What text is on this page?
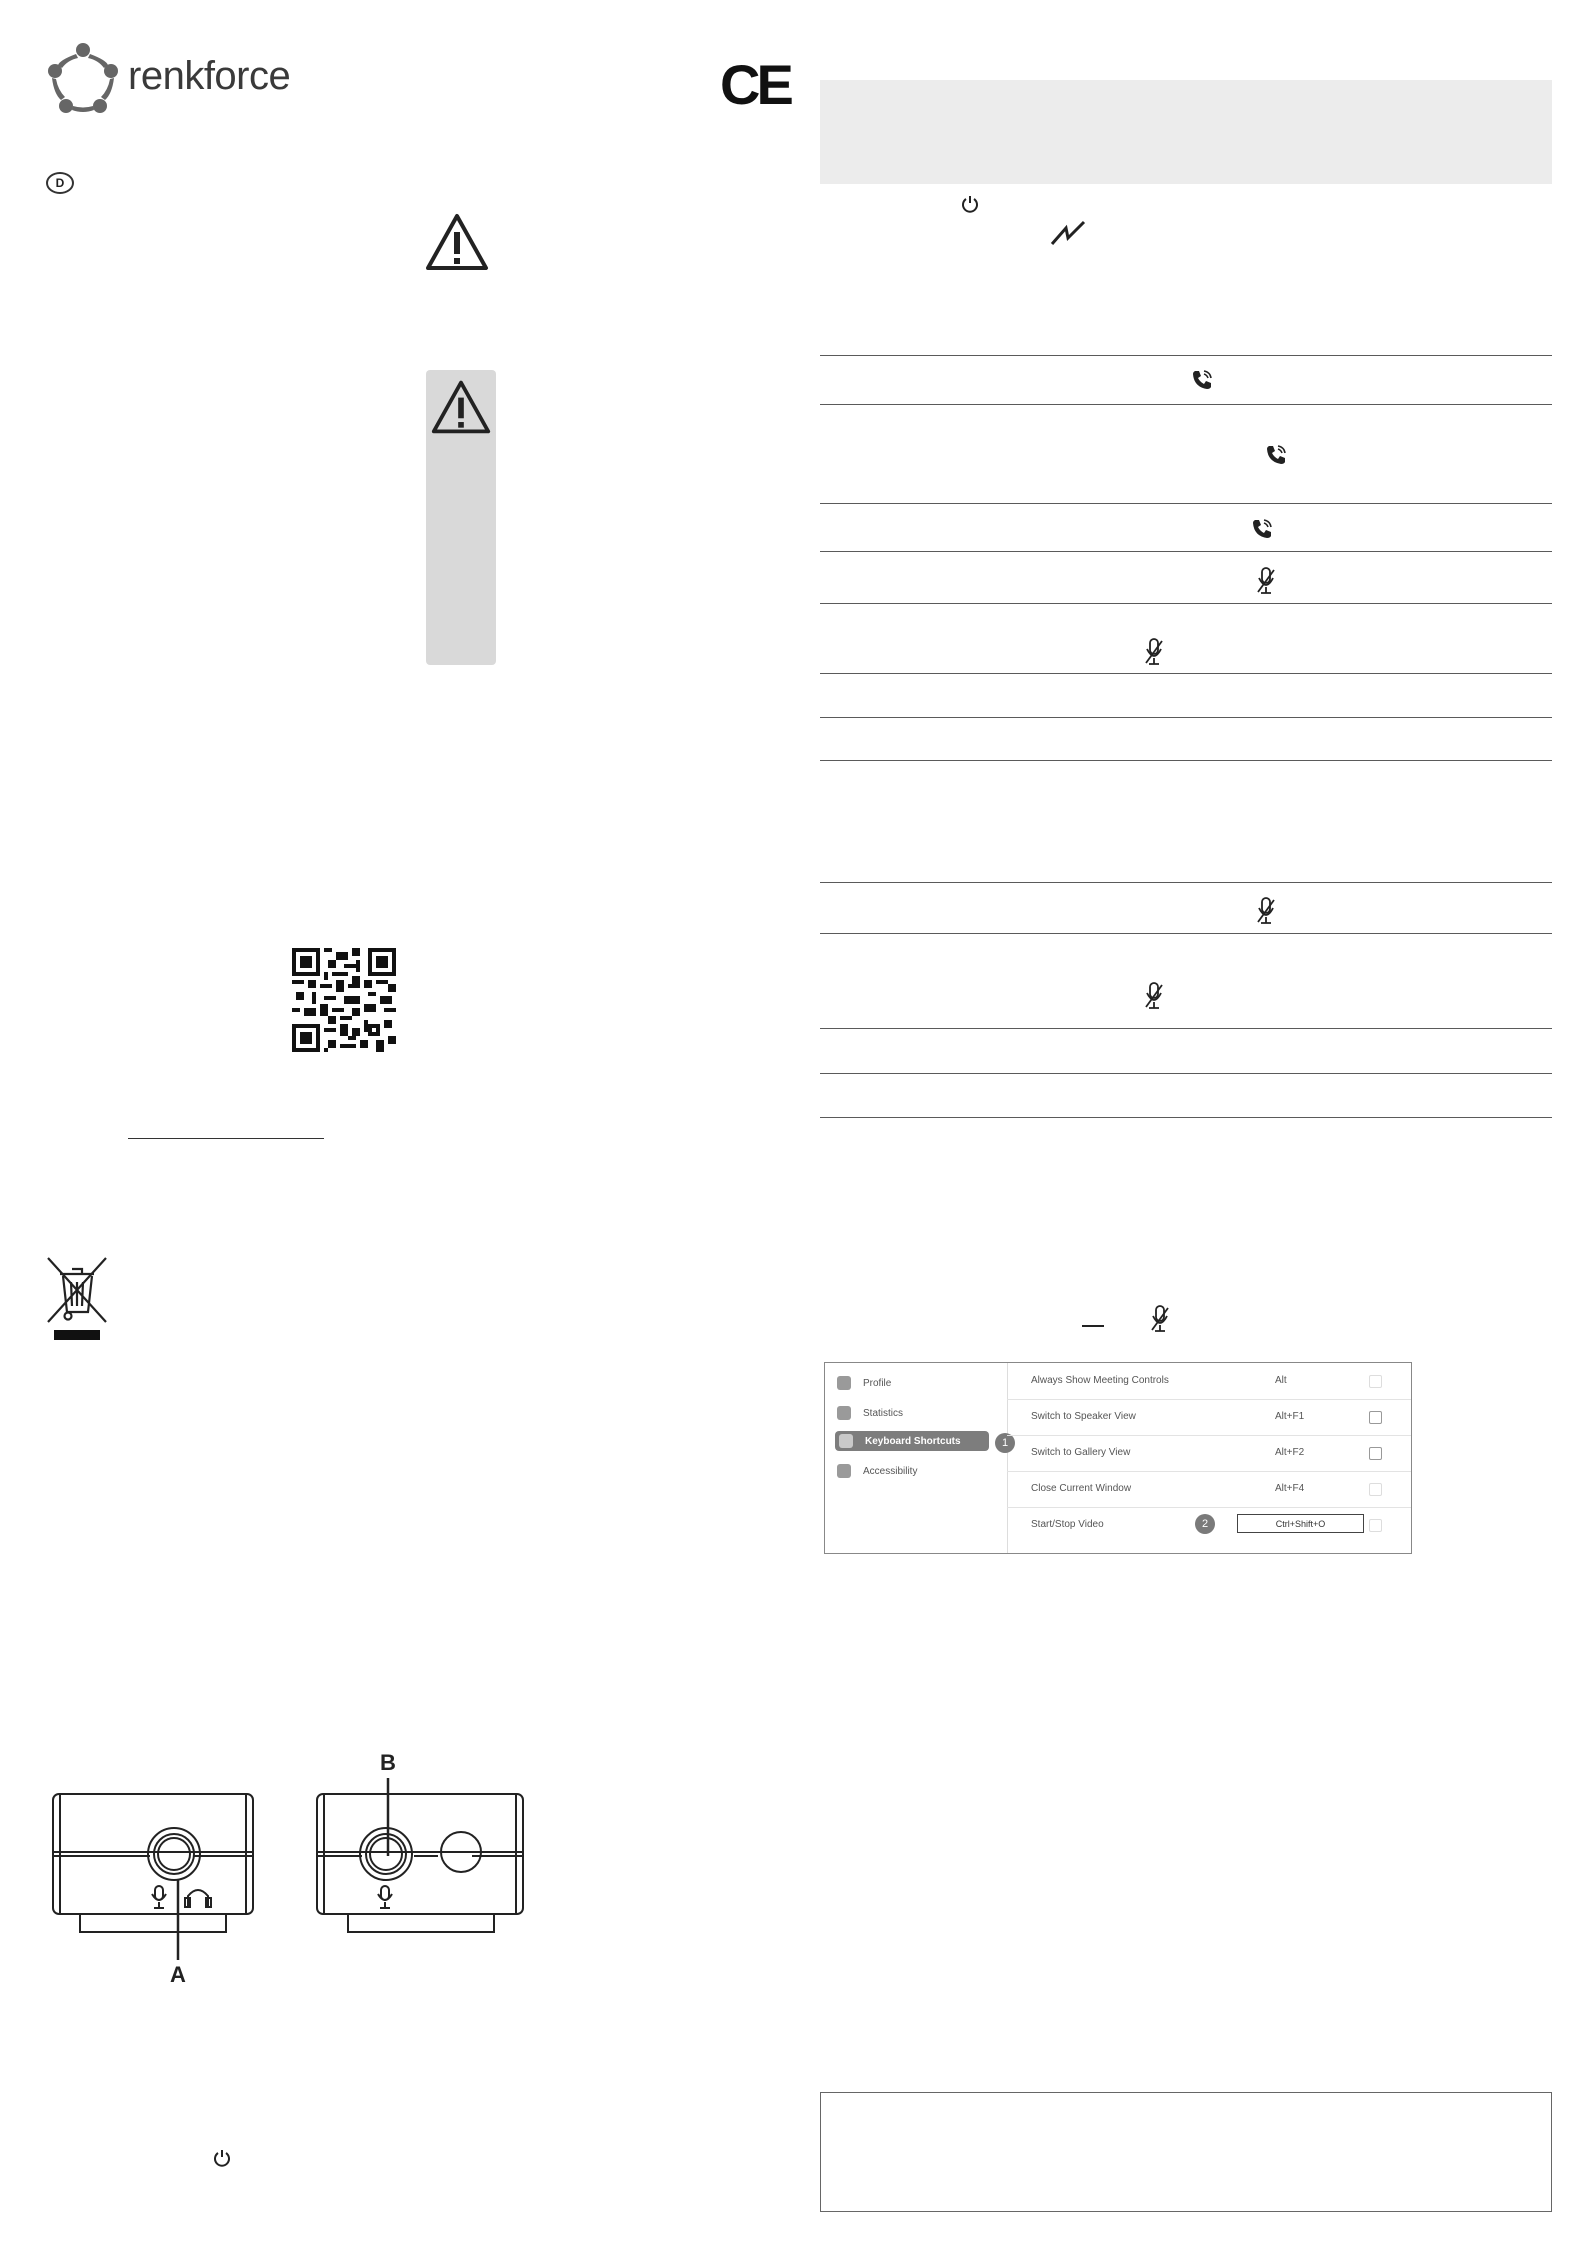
renkforce	CE
D
A
B
Profile
Statistics
Keyboard Shortcuts
Accessibility
1
Always Show Meeting Controls	Alt
Switch to Speaker View	Alt+F1
Switch to Gallery View	Alt+F2
Close Current Window	Alt+F4
Start/Stop Video	2	Ctrl+Shift+O
